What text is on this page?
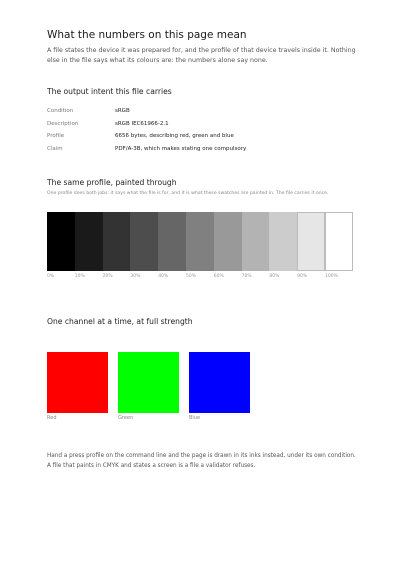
What the numbers on this page mean

A file states the device it was prepared for, and the profile of that device travels inside it. Nothing else in the file says what its colours are: the numbers alone say none.

The output intent this file carries
Condition	sRGB
Description	sRGB IEC61966-2.1
Profile	6656 bytes, describing red, green and blue
Claim	PDF/A-3B, which makes stating one compulsory
The same profile, painted through
One profile does both jobs: it says what the file is for, and it is what these swatches are painted in. The file carries it once.
0%	10%	20%	30%	40%	50%	60%	70%	80%	90%	100%
One channel at a time, at full strength
Red	Green	Blue

Hand a press profile on the command line and the page is drawn in its inks instead, under its own condition. A file that paints in CMYK and states a screen is a file a validator refuses.
